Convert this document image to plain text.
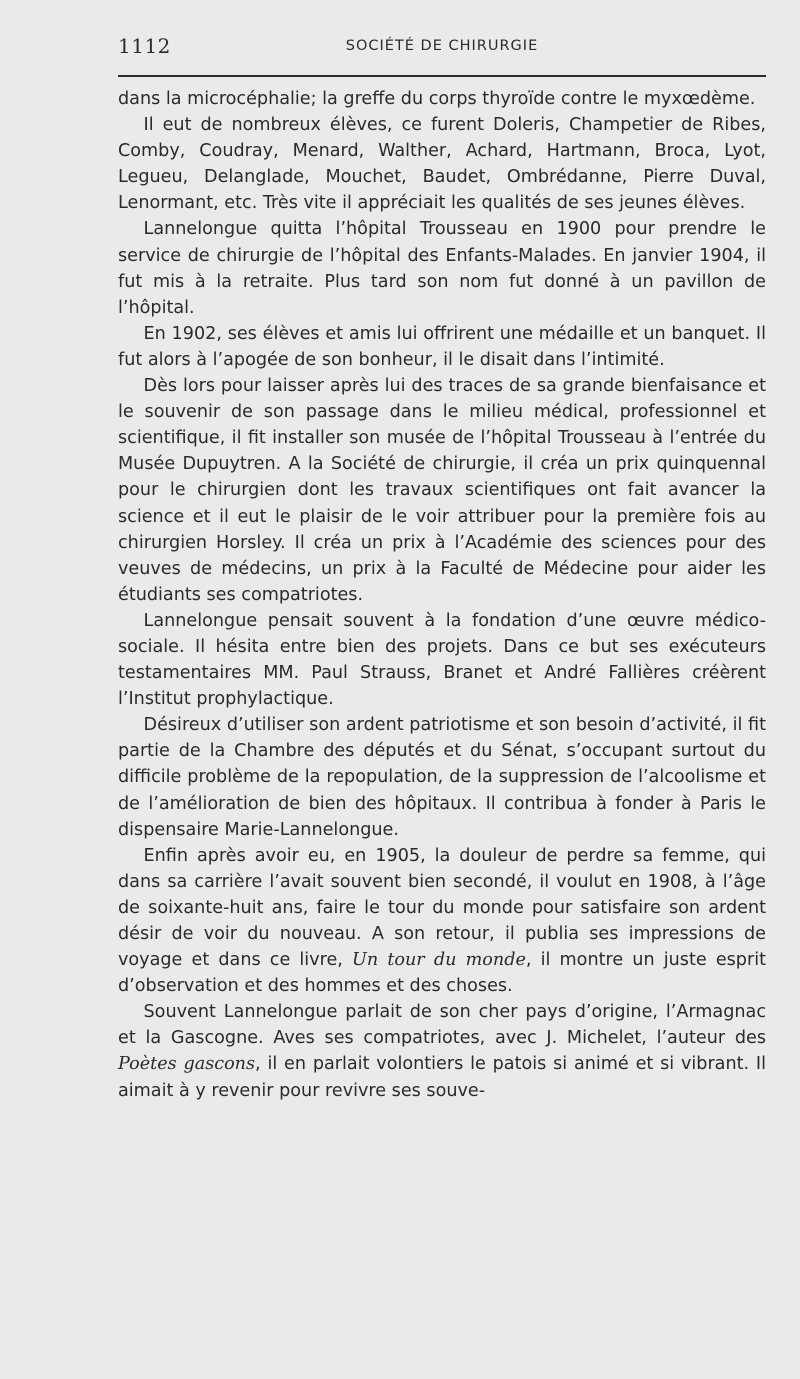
1112	SOCIÉTÉ DE CHIRURGIE

dans la microcéphalie; la greffe du corps thyroïde contre le myxœdème.

Il eut de nombreux élèves, ce furent Doleris, Champetier de Ribes, Comby, Coudray, Menard, Walther, Achard, Hartmann, Broca, Lyot, Legueu, Delanglade, Mouchet, Baudet, Ombrédanne, Pierre Duval, Lenormant, etc. Très vite il appréciait les qualités de ses jeunes élèves.

Lannelongue quitta l’hôpital Trousseau en 1900 pour prendre le service de chirurgie de l’hôpital des Enfants-Malades. En janvier 1904, il fut mis à la retraite. Plus tard son nom fut donné à un pavillon de l’hôpital.

En 1902, ses élèves et amis lui offrirent une médaille et un banquet. Il fut alors à l’apogée de son bonheur, il le disait dans l’intimité.

Dès lors pour laisser après lui des traces de sa grande bienfaisance et le souvenir de son passage dans le milieu médical, professionnel et scientifique, il fit installer son musée de l’hôpital Trousseau à l’entrée du Musée Dupuytren. A la Société de chirurgie, il créa un prix quinquennal pour le chirurgien dont les travaux scientifiques ont fait avancer la science et il eut le plaisir de le voir attribuer pour la première fois au chirurgien Horsley. Il créa un prix à l’Académie des sciences pour des veuves de médecins, un prix à la Faculté de Médecine pour aider les étudiants ses compatriotes.

Lannelongue pensait souvent à la fondation d’une œuvre médico-sociale. Il hésita entre bien des projets. Dans ce but ses exécuteurs testamentaires MM. Paul Strauss, Branet et André Fallières créèrent l’Institut prophylactique.

Désireux d’utiliser son ardent patriotisme et son besoin d’activité, il fit partie de la Chambre des députés et du Sénat, s’occupant surtout du difficile problème de la repopulation, de la suppression de l’alcoolisme et de l’amélioration de bien des hôpitaux. Il contribua à fonder à Paris le dispensaire Marie-Lannelongue.

Enfin après avoir eu, en 1905, la douleur de perdre sa femme, qui dans sa carrière l’avait souvent bien secondé, il voulut en 1908, à l’âge de soixante-huit ans, faire le tour du monde pour satisfaire son ardent désir de voir du nouveau. A son retour, il publia ses impressions de voyage et dans ce livre, Un tour du monde, il montre un juste esprit d’observation et des hommes et des choses.

Souvent Lannelongue parlait de son cher pays d’origine, l’Armagnac et la Gascogne. Aves ses compatriotes, avec J. Michelet, l’auteur des Poètes gascons, il en parlait volontiers le patois si animé et si vibrant. Il aimait à y revenir pour revivre ses souve-
